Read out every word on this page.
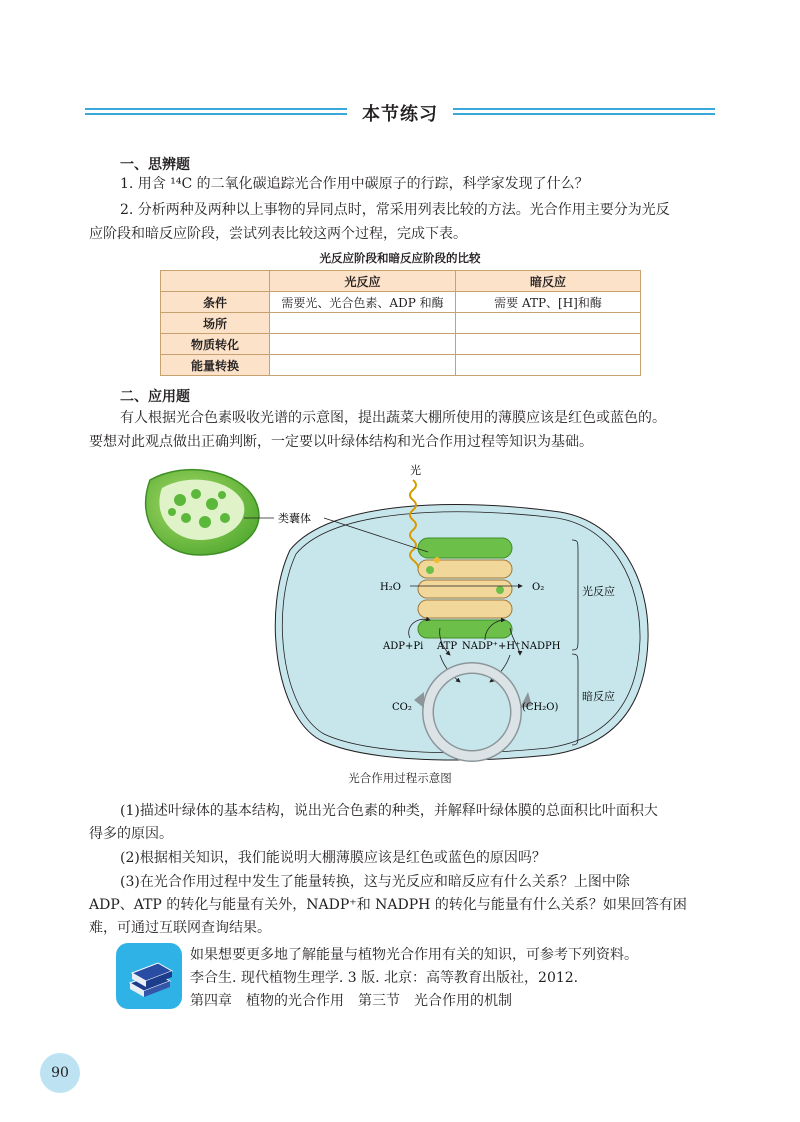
本节练习
一、思辨题
1. 用含 ¹⁴C 的二氧化碳追踪光合作用中碳原子的行踪，科学家发现了什么？
2. 分析两种及两种以上事物的异同点时，常采用列表比较的方法。光合作用主要分为光反
应阶段和暗反应阶段，尝试列表比较这两个过程，完成下表。
光反应阶段和暗反应阶段的比较
	光反应	暗反应
条件	需要光、光合色素、ADP 和酶	需要 ATP、[H]和酶
场所		
物质转化		
能量转换		
二、应用题
有人根据光合色素吸收光谱的示意图，提出蔬菜大棚所使用的薄膜应该是红色或蓝色的。
要想对此观点做出正确判断，一定要以叶绿体结构和光合作用过程等知识为基础。
光
类囊体
H₂O	O₂	光反应
暗反应
ADP+Pi ATP NADP⁺+H⁺ NADPH
CO₂	(CH₂O)
光合作用过程示意图
(1)描述叶绿体的基本结构，说出光合色素的种类，并解释叶绿体膜的总面积比叶面积大
得多的原因。
(2)根据相关知识，我们能说明大棚薄膜应该是红色或蓝色的原因吗？
(3)在光合作用过程中发生了能量转换，这与光反应和暗反应有什么关系？上图中除
ADP、ATP 的转化与能量有关外，NADP⁺和 NADPH 的转化与能量有什么关系？如果回答有困
难，可通过互联网查询结果。
如果想要更多地了解能量与植物光合作用有关的知识，可参考下列资料。
李合生. 现代植物生理学. 3 版. 北京：高等教育出版社，2012.
第四章　植物的光合作用　第三节　光合作用的机制
90
